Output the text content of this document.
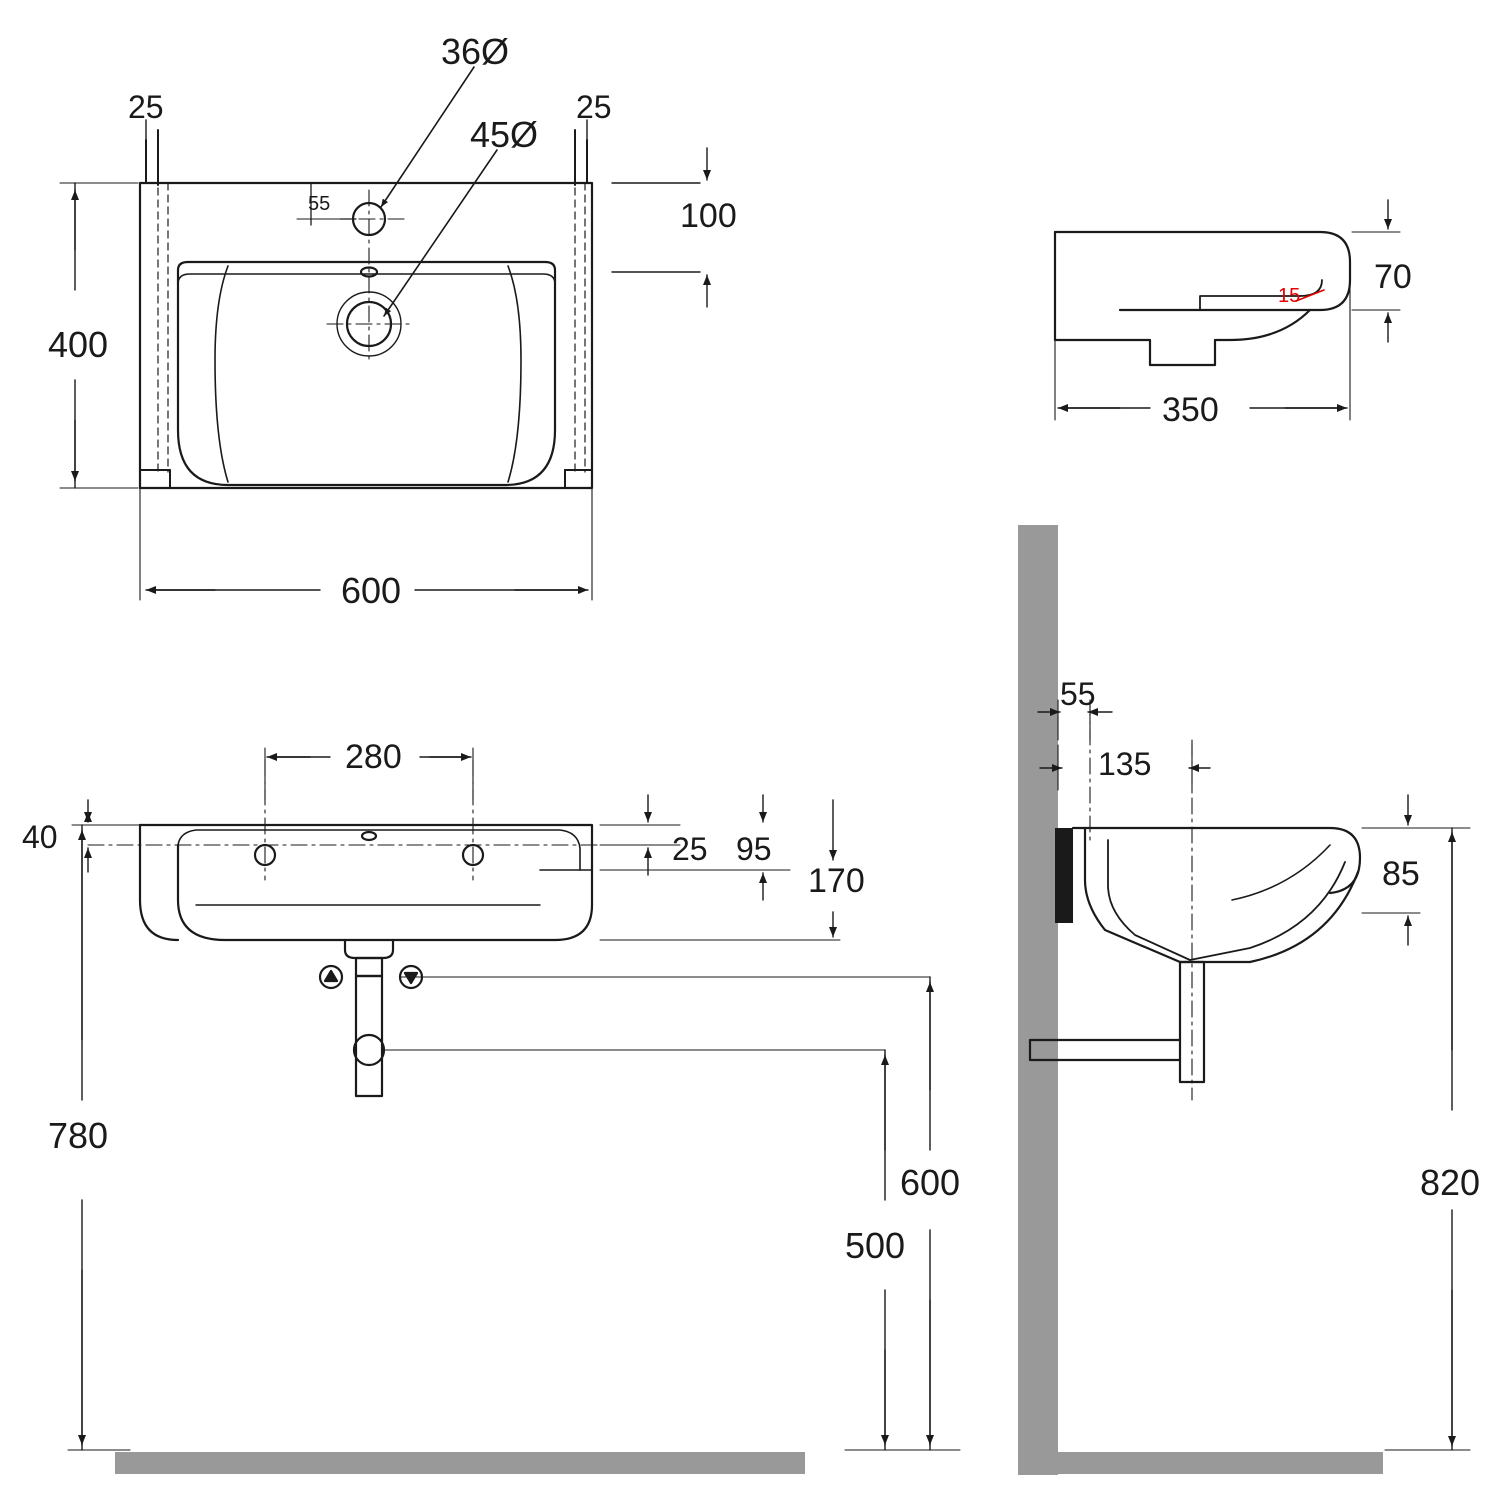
36Ø
45Ø
25	25
55	100
400
600
70
15
350
280
40	25 95
170
780
600
500
55
135
85
820
